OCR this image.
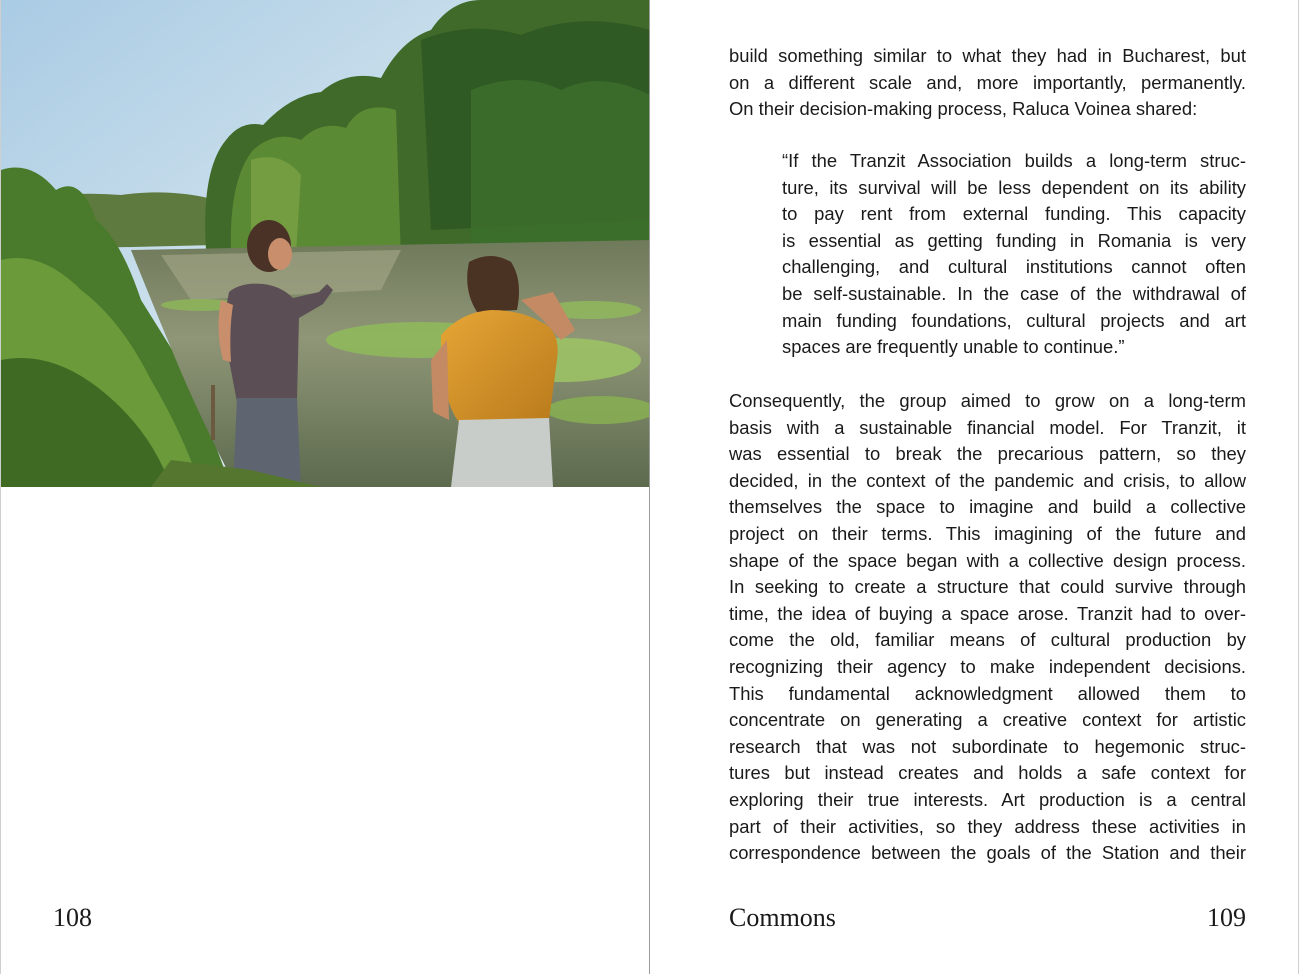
108
build something similar to what they had in Bucharest, but
on a different scale and, more importantly, permanently.
On their decision-making process, Raluca Voinea shared:
“If the Tranzit Association builds a long-term struc-
ture, its survival will be less dependent on its ability
to pay rent from external funding. This capacity
is essential as getting funding in Romania is very
challenging, and cultural institutions cannot often
be self-sustainable. In the case of the withdrawal of
main funding foundations, cultural projects and art
spaces are frequently unable to continue.”
Consequently, the group aimed to grow on a long-term
basis with a sustainable financial model. For Tranzit, it
was essential to break the precarious pattern, so they
decided, in the context of the pandemic and crisis, to allow
themselves the space to imagine and build a collective
project on their terms. This imagining of the future and
shape of the space began with a collective design process.
In seeking to create a structure that could survive through
time, the idea of buying a space arose. Tranzit had to over-
come the old, familiar means of cultural production by
recognizing their agency to make independent decisions.
This fundamental acknowledgment allowed them to
concentrate on generating a creative context for artistic
research that was not subordinate to hegemonic struc-
tures but instead creates and holds a safe context for
exploring their true interests. Art production is a central
part of their activities, so they address these activities in
correspondence between the goals of the Station and their
Commons	109
